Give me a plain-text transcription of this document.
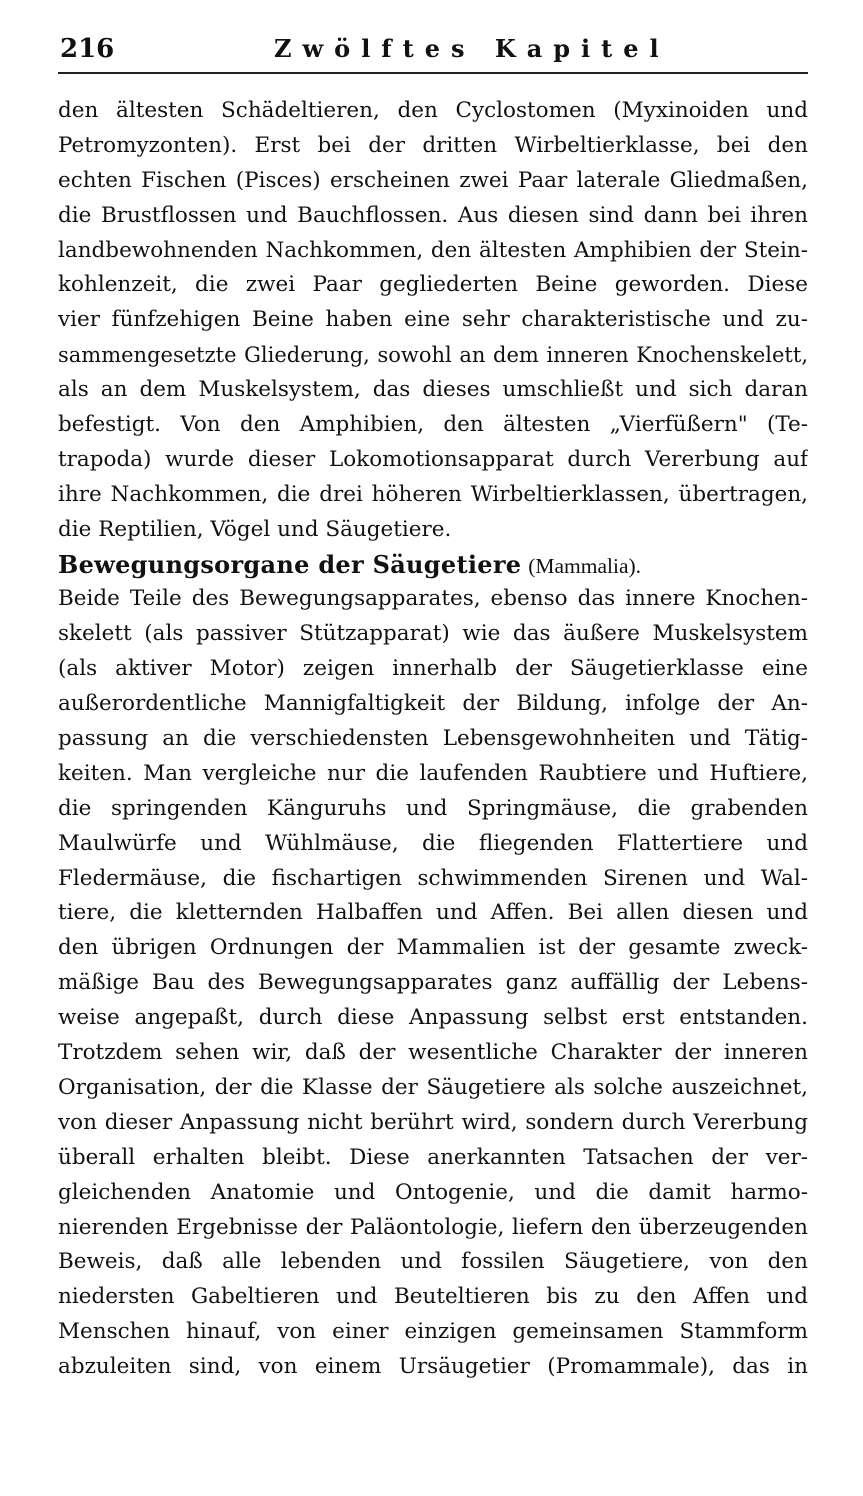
216	Zwölftes Kapitel
den ältesten Schädeltieren, den Cyclostomen (Myxinoiden und
Petromyzonten). Erst bei der dritten Wirbeltierklasse, bei den
echten Fischen (Pisces) erscheinen zwei Paar laterale Gliedmaßen,
die Brustflossen und Bauchflossen. Aus diesen sind dann bei ihren
landbewohnenden Nachkommen, den ältesten Amphibien der Stein-
kohlenzeit, die zwei Paar gegliederten Beine geworden. Diese
vier fünfzehigen Beine haben eine sehr charakteristische und zu-
sammengesetzte Gliederung, sowohl an dem inneren Knochenskelett,
als an dem Muskelsystem, das dieses umschließt und sich daran
befestigt. Von den Amphibien, den ältesten „Vierfüßern" (Te-
trapoda) wurde dieser Lokomotionsapparat durch Vererbung auf
ihre Nachkommen, die drei höheren Wirbeltierklassen, übertragen,
die Reptilien, Vögel und Säugetiere.
Bewegungsorgane der Säugetiere (Mammalia).
Beide Teile des Bewegungsapparates, ebenso das innere Knochen-
skelett (als passiver Stützapparat) wie das äußere Muskelsystem
(als aktiver Motor) zeigen innerhalb der Säugetierklasse eine
außerordentliche Mannigfaltigkeit der Bildung, infolge der An-
passung an die verschiedensten Lebensgewohnheiten und Tätig-
keiten. Man vergleiche nur die laufenden Raubtiere und Huftiere,
die springenden Känguruhs und Springmäuse, die grabenden
Maulwürfe und Wühlmäuse, die fliegenden Flattertiere und
Fledermäuse, die fischartigen schwimmenden Sirenen und Wal-
tiere, die kletternden Halbaffen und Affen. Bei allen diesen und
den übrigen Ordnungen der Mammalien ist der gesamte zweck-
mäßige Bau des Bewegungsapparates ganz auffällig der Lebens-
weise angepaßt, durch diese Anpassung selbst erst entstanden.
Trotzdem sehen wir, daß der wesentliche Charakter der inneren
Organisation, der die Klasse der Säugetiere als solche auszeichnet,
von dieser Anpassung nicht berührt wird, sondern durch Vererbung
überall erhalten bleibt. Diese anerkannten Tatsachen der ver-
gleichenden Anatomie und Ontogenie, und die damit harmo-
nierenden Ergebnisse der Paläontologie, liefern den überzeugenden
Beweis, daß alle lebenden und fossilen Säugetiere, von den
niedersten Gabeltieren und Beuteltieren bis zu den Affen und
Menschen hinauf, von einer einzigen gemeinsamen Stammform
abzuleiten sind, von einem Ursäugetier (Promammale), das in
